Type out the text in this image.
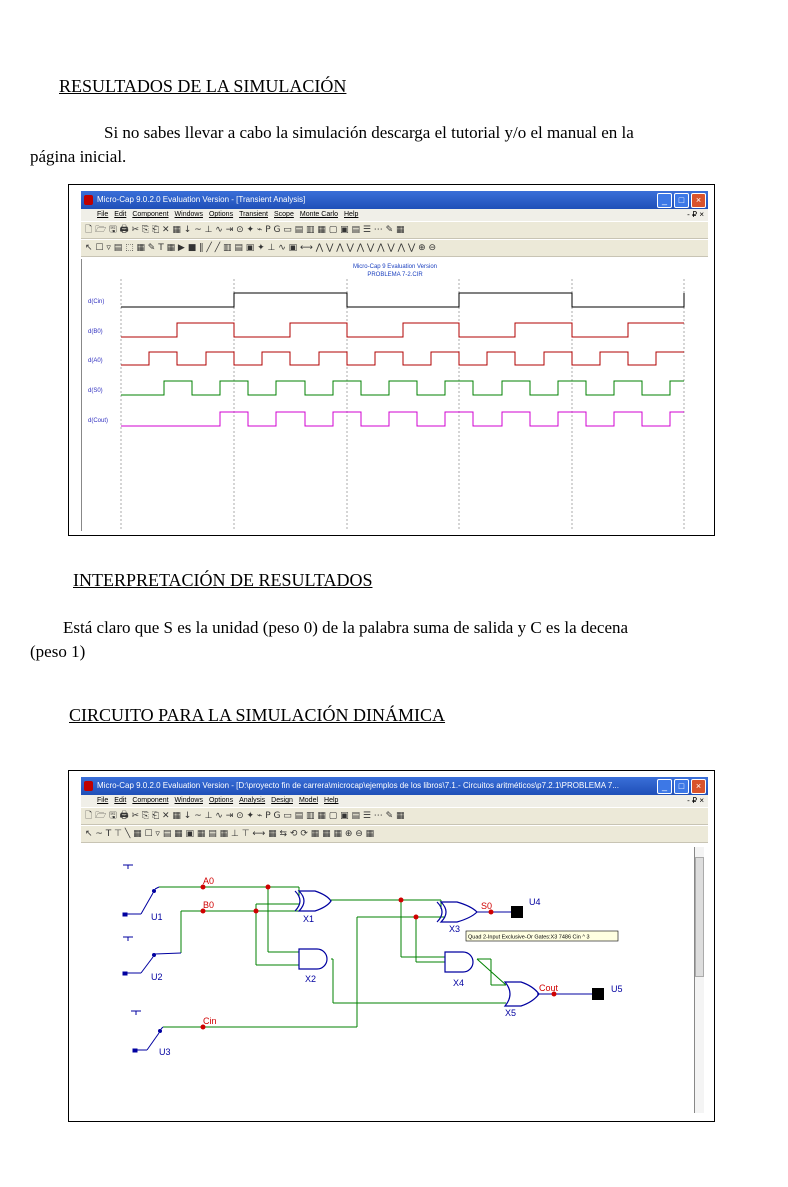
RESULTADOS DE LA SIMULACIÓN
Si no sabes llevar a cabo la simulación descarga el tutorial y/o el manual en la
página inicial.
Micro-Cap 9.0.2.0 Evaluation Version - [Transient Analysis]	_	□	×
File Edit Component Windows Options Transient Scope Monte Carlo Help	- ₽ ×
🗋 🗁 🖫 🖨 ✂ ⎘ ⎗ ✕ ▦ ↓ ~ ⊥ ∿ ⇥ ⊙ ✦ ⌁ P G ▭ ▤ ▥ ▦ ▢ ▣ ▤ ☰ ⋯ ✎ ▦
↖ ☐ ▿ ▤ ⬚ ▦ ✎ T ▦ ▶ ■ ‖ ╱ ╱ ▥ ▤ ▣ ✦ ⊥ ∿ ▣ ⟷ ⋀ ⋁ ⋀ ⋁ ⋀ ⋁ ⋀ ⋁ ⋀ ⋁ ⊕ ⊖
Micro-Cap 9 Evaluation Version
PROBLEMA 7-2.CIR
d(Cin)
d(B0)
d(A0)
d(S0)
d(Cout)
INTERPRETACIÓN DE RESULTADOS
Está claro que S es la unidad (peso 0) de la palabra suma de salida y C es la decena
(peso 1)
CIRCUITO PARA LA SIMULACIÓN DINÁMICA
Micro-Cap 9.0.2.0 Evaluation Version - [D:\proyecto fin de carrera\microcap\ejemplos de los libros\7.1.- Circuitos aritméticos\p7.2.1\PROBLEMA 7...	_	□	×
File Edit Component Windows Options Analysis Design Model Help	- ₽ ×
🗋 🗁 🖫 🖨 ✂ ⎘ ⎗ ✕ ▦ ↓ ~ ⊥ ∿ ⇥ ⊙ ✦ ⌁ P G ▭ ▤ ▥ ▦ ▢ ▣ ▤ ☰ ⋯ ✎ ▦
↖ ~ T ⊤ ╲ ▦ ☐ ▿ ▤ ▦ ▣ ▦ ▤ ▦ ⊥ ⊤ ⟷ ▦ ⇆ ⟲ ⟳ ▦ ▦ ▦ ⊕ ⊖ ▦
Quad 2-Input Exclusive-Or Gates:X3 7486 Cin ^ 3
A0
B0
Cin
S0
Cout
U1
U2
U3
U4
U5
X1
X2
X3
X4
X5
